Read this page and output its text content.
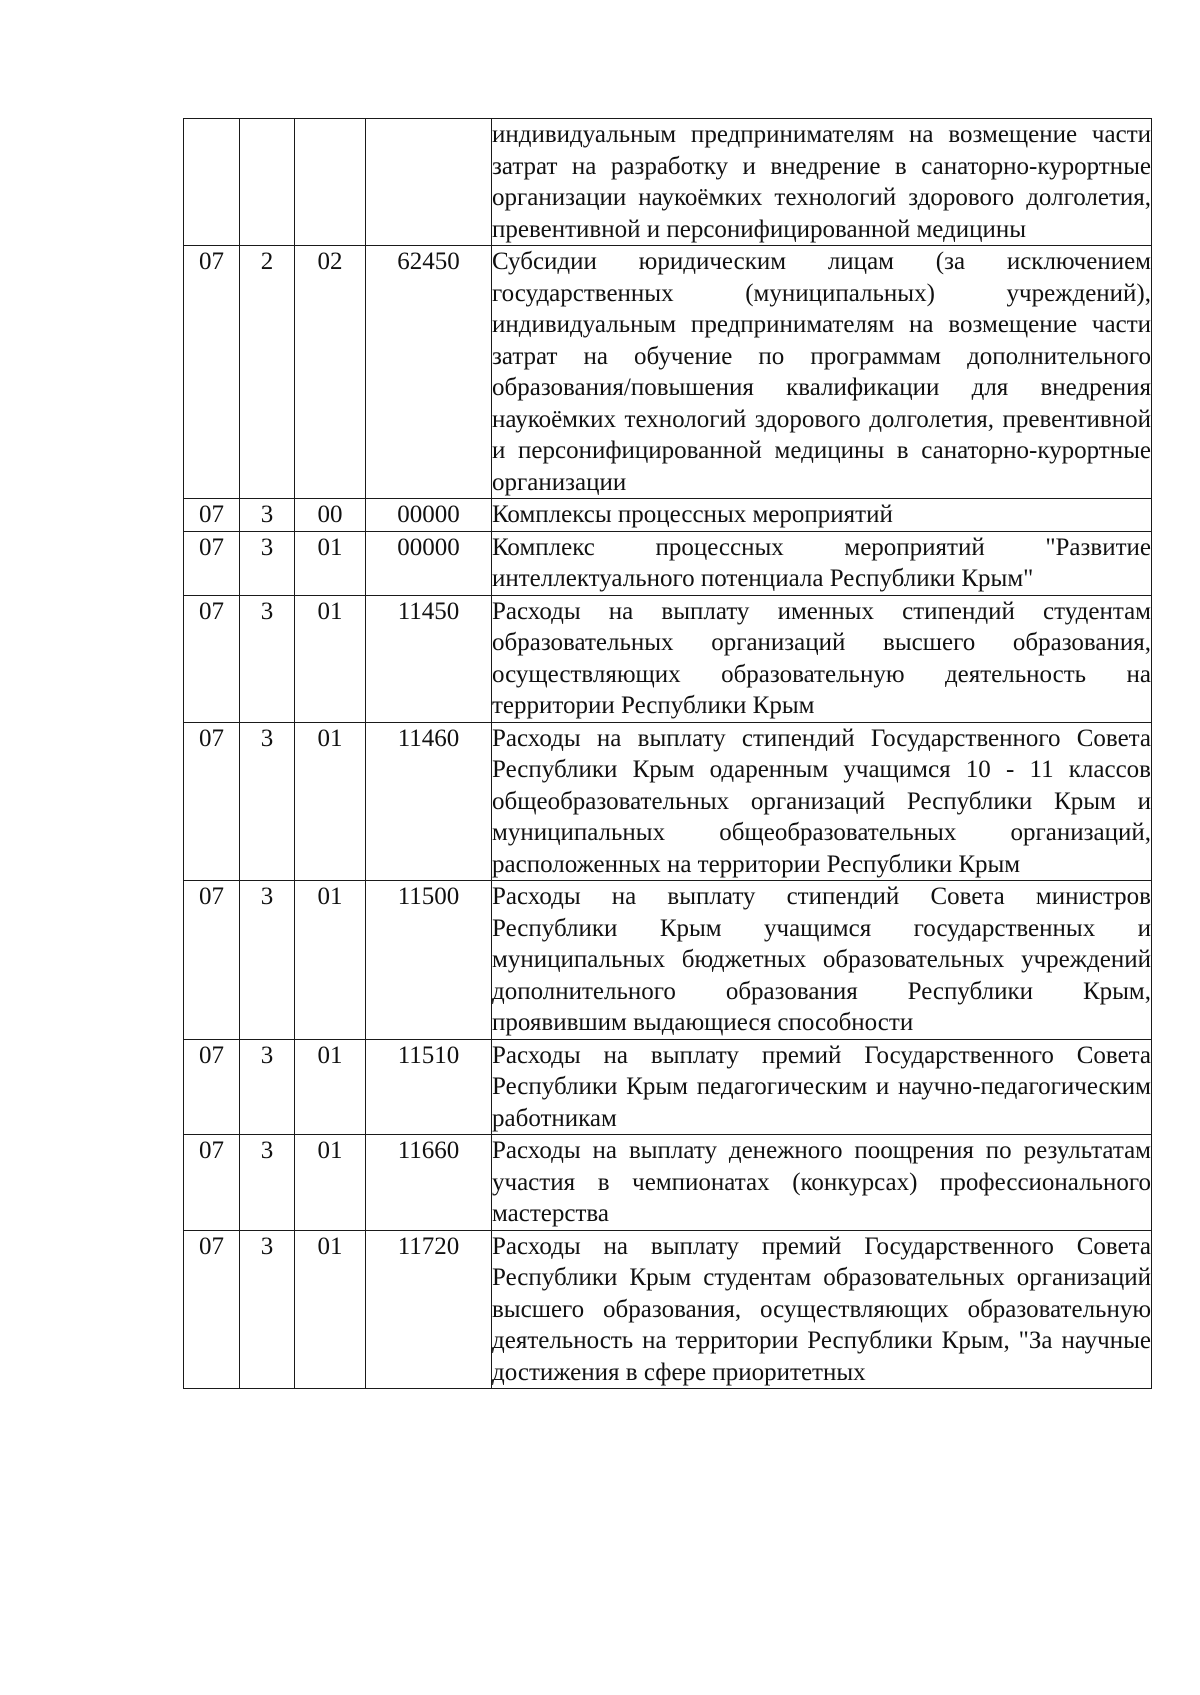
				индивидуальным предпринимателям на возмещение части затрат на разработку и внедрение в санаторно-курортные организации наукоёмких технологий здорового долголетия, превентивной и персонифицированной медицины
07	2	02	62450	Субсидии юридическим лицам (за исключением государственных (муниципальных) учреждений), индивидуальным предпринимателям на возмещение части затрат на обучение по программам дополнительного образования/повышения квалификации для внедрения наукоёмких технологий здорового долголетия, превентивной и персонифицированной медицины в санаторно-курортные организации
07	3	00	00000	Комплексы процессных мероприятий
07	3	01	00000	Комплекс процессных мероприятий "Развитие интеллектуального потенциала Республики Крым"
07	3	01	11450	Расходы на выплату именных стипендий студентам образовательных организаций высшего образования, осуществляющих образовательную деятельность на территории Республики Крым
07	3	01	11460	Расходы на выплату стипендий Государственного Совета Республики Крым одаренным учащимся 10 - 11 классов общеобразовательных организаций Республики Крым и муниципальных общеобразовательных организаций, расположенных на территории Республики Крым
07	3	01	11500	Расходы на выплату стипендий Совета министров Республики Крым учащимся государственных и муниципальных бюджетных образовательных учреждений дополнительного образования Республики Крым, проявившим выдающиеся способности
07	3	01	11510	Расходы на выплату премий Государственного Совета Республики Крым педагогическим и научно-педагогическим работникам
07	3	01	11660	Расходы на выплату денежного поощрения по результатам участия в чемпионатах (конкурсах) профессионального мастерства
07	3	01	11720	Расходы на выплату премий Государственного Совета Республики Крым студентам образовательных организаций высшего образования, осуществляющих образовательную деятельность на территории Республики Крым, "За научные достижения в сфере приоритетных
